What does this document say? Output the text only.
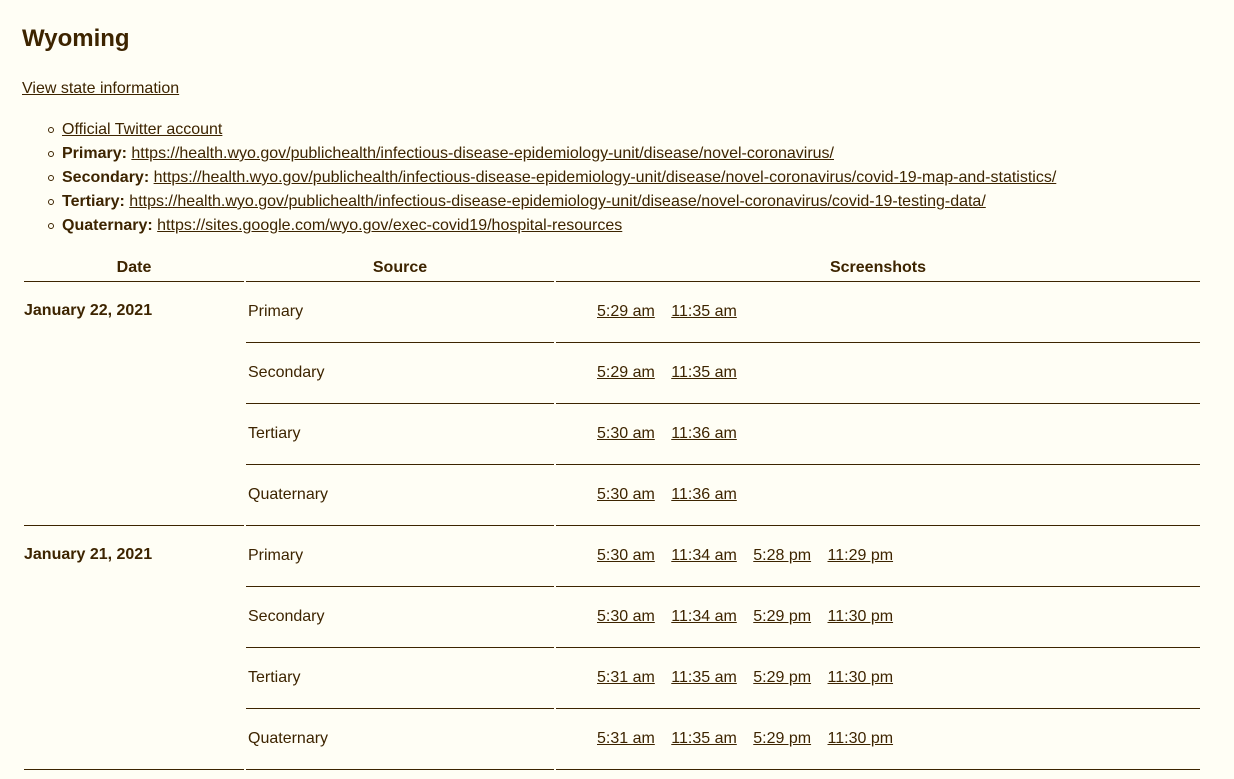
Wyoming
View state information
Official Twitter account
Primary: https://health.wyo.gov/publichealth/infectious-disease-epidemiology-unit/disease/novel-coronavirus/
Secondary: https://health.wyo.gov/publichealth/infectious-disease-epidemiology-unit/disease/novel-coronavirus/covid-19-map-and-statistics/
Tertiary: https://health.wyo.gov/publichealth/infectious-disease-epidemiology-unit/disease/novel-coronavirus/covid-19-testing-data/
Quaternary: https://sites.google.com/wyo.gov/exec-covid19/hospital-resources
Date	Source	Screenshots
January 22, 2021	Primary	5:29 am 11:35 am
	Secondary	5:29 am 11:35 am
	Tertiary	5:30 am 11:36 am
	Quaternary	5:30 am 11:36 am
January 21, 2021	Primary	5:30 am 11:34 am 5:28 pm 11:29 pm
	Secondary	5:30 am 11:34 am 5:29 pm 11:30 pm
	Tertiary	5:31 am 11:35 am 5:29 pm 11:30 pm
	Quaternary	5:31 am 11:35 am 5:29 pm 11:30 pm
